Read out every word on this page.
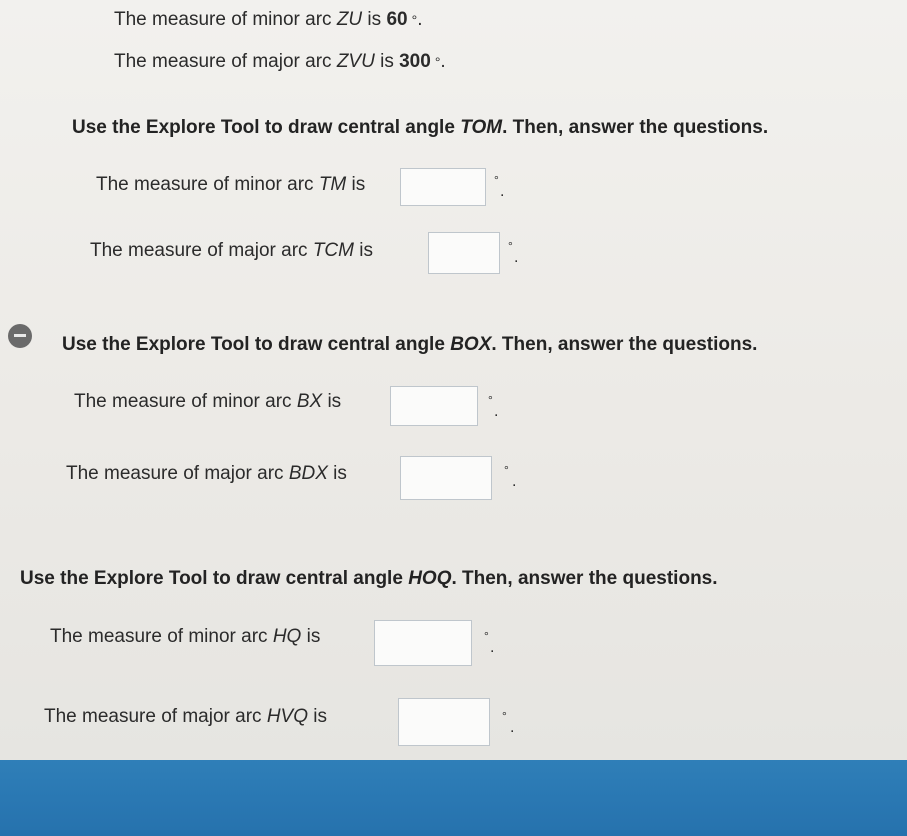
The measure of minor arc ZU is 60 °.
The measure of major arc ZVU is 300 °.
Use the Explore Tool to draw central angle TOM. Then, answer the questions.
The measure of minor arc TM is	°
.
The measure of major arc TCM is	°
.
Use the Explore Tool to draw central angle BOX. Then, answer the questions.
The measure of minor arc BX is	°
.
The measure of major arc BDX is	°
.
Use the Explore Tool to draw central angle HOQ. Then, answer the questions.
The measure of minor arc HQ is	°
.
The measure of major arc HVQ is	°
.
